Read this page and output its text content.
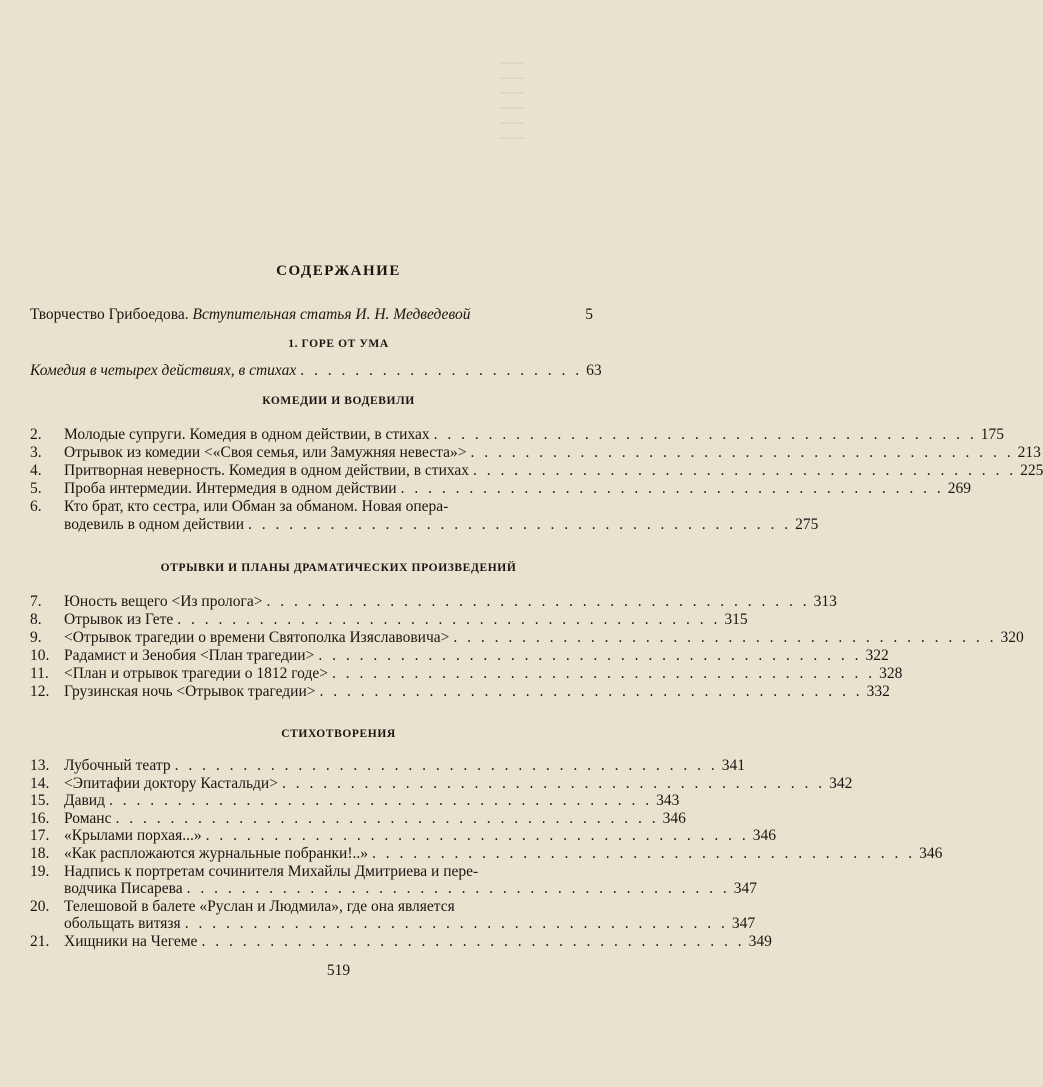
------
------
------
------
------
------
СОДЕРЖАНИЕ
Творчество Грибоедова. Вступительная статья И. Н. Медведевой	5
1. ГОРЕ ОТ УМА
Комедия в четырех действиях, в стихах . . . . . . . . . . . . . . . . . . . . . 63
КОМЕДИИ И ВОДЕВИЛИ
2. Молодые супруги. Комедия в одном действии, в стихах . . . . . . . . . . . . . . . . . . . . . . . . . . . . . . . . . . . . . . . . 175
3. Отрывок из комедии <«Своя семья, или Замужняя невеста»> . . . . . . . . . . . . . . . . . . . . . . . . . . . . . . . . . . . . . . . . 213
4. Притворная неверность. Комедия в одном действии, в стихах . . . . . . . . . . . . . . . . . . . . . . . . . . . . . . . . . . . . . . . . 225
5. Проба интермедии. Интермедия в одном действии . . . . . . . . . . . . . . . . . . . . . . . . . . . . . . . . . . . . . . . . 269
6. Кто брат, кто сестра, или Обман за обманом. Новая опера-
водевиль в одном действии . . . . . . . . . . . . . . . . . . . . . . . . . . . . . . . . . . . . . . . . 275
ОТРЫВКИ И ПЛАНЫ ДРАМАТИЧЕСКИХ ПРОИЗВЕДЕНИЙ
7. Юность вещего <Из пролога> . . . . . . . . . . . . . . . . . . . . . . . . . . . . . . . . . . . . . . . . 313
8. Отрывок из Гете . . . . . . . . . . . . . . . . . . . . . . . . . . . . . . . . . . . . . . . . 315
9. <Отрывок трагедии о времени Святополка Изяславовича> . . . . . . . . . . . . . . . . . . . . . . . . . . . . . . . . . . . . . . . . 320
10. Радамист и Зенобия <План трагедии> . . . . . . . . . . . . . . . . . . . . . . . . . . . . . . . . . . . . . . . . 322
11. <План и отрывок трагедии о 1812 годе> . . . . . . . . . . . . . . . . . . . . . . . . . . . . . . . . . . . . . . . . 328
12. Грузинская ночь <Отрывок трагедии> . . . . . . . . . . . . . . . . . . . . . . . . . . . . . . . . . . . . . . . . 332
СТИХОТВОРЕНИЯ
13. Лубочный театр . . . . . . . . . . . . . . . . . . . . . . . . . . . . . . . . . . . . . . . . 341
14. <Эпитафии доктору Кастальди> . . . . . . . . . . . . . . . . . . . . . . . . . . . . . . . . . . . . . . . . 342
15. Давид . . . . . . . . . . . . . . . . . . . . . . . . . . . . . . . . . . . . . . . . 343
16. Романс . . . . . . . . . . . . . . . . . . . . . . . . . . . . . . . . . . . . . . . . 346
17. «Крылами порхая...» . . . . . . . . . . . . . . . . . . . . . . . . . . . . . . . . . . . . . . . . 346
18. «Как распложаются журнальные побранки!..» . . . . . . . . . . . . . . . . . . . . . . . . . . . . . . . . . . . . . . . . 346
19. Надпись к портретам сочинителя Михайлы Дмитриева и пере-
водчика Писарева . . . . . . . . . . . . . . . . . . . . . . . . . . . . . . . . . . . . . . . . 347
20. Телешовой в балете «Руслан и Людмила», где она является
обольщать витязя . . . . . . . . . . . . . . . . . . . . . . . . . . . . . . . . . . . . . . . . 347
21. Хищники на Чегеме . . . . . . . . . . . . . . . . . . . . . . . . . . . . . . . . . . . . . . . . 349
519
